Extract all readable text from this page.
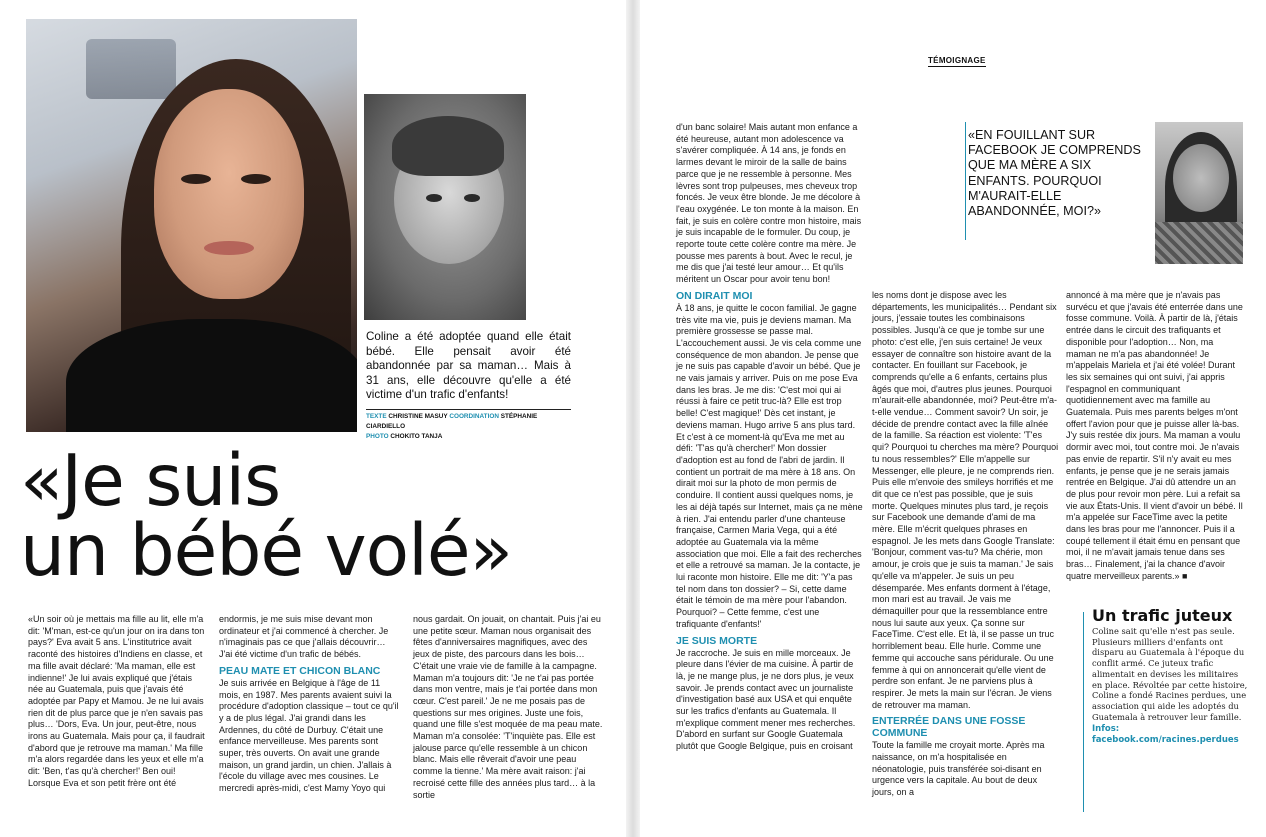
Coline a été adoptée quand elle était bébé. Elle pensait avoir été abandonnée par sa maman… Mais à 31 ans, elle découvre qu'elle a été victime d'un trafic d'enfants!
TEXTE CHRISTINE MASUY COORDINATION STÉPHANIE CIARDIELLO
PHOTO CHOKITO TANJA
«Je suis
un bébé volé»

«Un soir où je mettais ma fille au lit, elle m'a dit: 'M'man, est-ce qu'un jour on ira dans ton pays?' Eva avait 5 ans. L'institutrice avait raconté des histoires d'Indiens en classe, et ma fille avait déclaré: 'Ma maman, elle est indienne!' Je lui avais expliqué que j'étais née au Guatemala, puis que j'avais été adoptée par Papy et Mamou. Je ne lui avais rien dit de plus parce que je n'en savais pas plus… 'Dors, Eva. Un jour, peut-être, nous irons au Guatemala. Mais pour ça, il faudrait d'abord que je retrouve ma maman.' Ma fille m'a alors regardée dans les yeux et elle m'a dit: 'Ben, t'as qu'à chercher!' Ben oui! Lorsque Eva et son petit frère ont été

endormis, je me suis mise devant mon ordinateur et j'ai commencé à chercher. Je n'imaginais pas ce que j'allais découvrir… J'ai été victime d'un trafic de bébés.

PEAU MATE ET CHICON BLANC

Je suis arrivée en Belgique à l'âge de 11 mois, en 1987. Mes parents avaient suivi la procédure d'adoption classique – tout ce qu'il y a de plus légal. J'ai grandi dans les Ardennes, du côté de Durbuy. C'était une enfance merveilleuse. Mes parents sont super, très ouverts. On avait une grande maison, un grand jardin, un chien. J'allais à l'école du village avec mes cousines. Le mercredi après-midi, c'est Mamy Yoyo qui

nous gardait. On jouait, on chantait. Puis j'ai eu une petite sœur. Maman nous organisait des fêtes d'anniversaires magnifiques, avec des jeux de piste, des parcours dans les bois… C'était une vraie vie de famille à la campagne. Maman m'a toujours dit: 'Je ne t'ai pas portée dans mon ventre, mais je t'ai portée dans mon cœur. C'est pareil.' Je ne me posais pas de questions sur mes origines. Juste une fois, quand une fille s'est moquée de ma peau mate. Maman m'a consolée: 'T'inquiète pas. Elle est jalouse parce qu'elle ressemble à un chicon blanc. Mais elle rêverait d'avoir une peau comme la tienne.' Ma mère avait raison: j'ai recroisé cette fille des années plus tard… à la sortie

TÉMOIGNAGE
«EN FOUILLANT SUR FACEBOOK JE COMPRENDS QUE MA MÈRE A SIX ENFANTS. POURQUOI M'AURAIT-ELLE ABANDONNÉE, MOI?»

d'un banc solaire! Mais autant mon enfance a été heureuse, autant mon adolescence va s'avérer compliquée. À 14 ans, je fonds en larmes devant le miroir de la salle de bains parce que je ne ressemble à personne. Mes lèvres sont trop pulpeuses, mes cheveux trop foncés. Je veux être blonde. Je me décolore à l'eau oxygénée. Le ton monte à la maison. En fait, je suis en colère contre mon histoire, mais je suis incapable de le formuler. Du coup, je reporte toute cette colère contre ma mère. Je pousse mes parents à bout. Avec le recul, je me dis que j'ai testé leur amour… Et qu'ils méritent un Oscar pour avoir tenu bon!

ON DIRAIT MOI

À 18 ans, je quitte le cocon familial. Je gagne très vite ma vie, puis je deviens maman. Ma première grossesse se passe mal. L'accouchement aussi. Je vis cela comme une conséquence de mon abandon. Je pense que je ne suis pas capable d'avoir un bébé. Que je ne vais jamais y arriver. Puis on me pose Eva dans les bras. Je me dis: 'C'est moi qui ai réussi à faire ce petit truc-là? Elle est trop belle! C'est magique!' Dès cet instant, je deviens maman. Hugo arrive 5 ans plus tard. Et c'est à ce moment-là qu'Eva me met au défi: 'T'as qu'à chercher!' Mon dossier d'adoption est au fond de l'abri de jardin. Il contient un portrait de ma mère à 18 ans. On dirait moi sur la photo de mon permis de conduire. Il contient aussi quelques noms, je les ai déjà tapés sur Internet, mais ça ne mène à rien. J'ai entendu parler d'une chanteuse française, Carmen Maria Vega, qui a été adoptée au Guatemala via la même association que moi. Elle a fait des recherches et elle a retrouvé sa maman. Je la contacte, je lui raconte mon histoire. Elle me dit: 'Y'a pas tel nom dans ton dossier? – Si, cette dame était le témoin de ma mère pour l'abandon. Pourquoi? – Cette femme, c'est une trafiquante d'enfants!'

JE SUIS MORTE

Je raccroche. Je suis en mille morceaux. Je pleure dans l'évier de ma cuisine. À partir de là, je ne mange plus, je ne dors plus, je veux savoir. Je prends contact avec un journaliste d'investigation basé aux USA et qui enquête sur les trafics d'enfants au Guatemala. Il m'explique comment mener mes recherches. D'abord en surfant sur Google Guatemala plutôt que Google Belgique, puis en croisant

les noms dont je dispose avec les départements, les municipalités… Pendant six jours, j'essaie toutes les combinaisons possibles. Jusqu'à ce que je tombe sur une photo: c'est elle, j'en suis certaine! Je veux essayer de connaître son histoire avant de la contacter. En fouillant sur Facebook, je comprends qu'elle a 6 enfants, certains plus âgés que moi, d'autres plus jeunes. Pourquoi m'aurait-elle abandonnée, moi? Peut-être m'a-t-elle vendue… Comment savoir? Un soir, je décide de prendre contact avec la fille aînée de la famille. Sa réaction est violente: 'T'es qui? Pourquoi tu cherches ma mère? Pourquoi tu nous ressembles?' Elle m'appelle sur Messenger, elle pleure, je ne comprends rien. Puis elle m'envoie des smileys horrifiés et me dit que ce n'est pas possible, que je suis morte. Quelques minutes plus tard, je reçois sur Facebook une demande d'ami de ma mère. Elle m'écrit quelques phrases en espagnol. Je les mets dans Google Translate: 'Bonjour, comment vas-tu? Ma chérie, mon amour, je crois que je suis ta maman.' Je sais qu'elle va m'appeler. Je suis un peu désemparée. Mes enfants dorment à l'étage, mon mari est au travail. Je vais me démaquiller pour que la ressemblance entre nous lui saute aux yeux. Ça sonne sur FaceTime. C'est elle. Et là, il se passe un truc horriblement beau. Elle hurle. Comme une femme qui accouche sans péridurale. Ou une femme à qui on annoncerait qu'elle vient de perdre son enfant. Je ne parviens plus à respirer. Je mets la main sur l'écran. Je viens de retrouver ma maman.

ENTERRÉE DANS UNE FOSSE COMMUNE

Toute la famille me croyait morte. Après ma naissance, on m'a hospitalisée en néonatologie, puis transférée soi-disant en urgence vers la capitale. Au bout de deux jours, on a

annoncé à ma mère que je n'avais pas survécu et que j'avais été enterrée dans une fosse commune. Voilà. À partir de là, j'étais entrée dans le circuit des trafiquants et disponible pour l'adoption… Non, ma maman ne m'a pas abandonnée! Je m'appelais Mariela et j'ai été volée! Durant les six semaines qui ont suivi, j'ai appris l'espagnol en communiquant quotidiennement avec ma famille au Guatemala. Puis mes parents belges m'ont offert l'avion pour que je puisse aller là-bas. J'y suis restée dix jours. Ma maman a voulu dormir avec moi, tout contre moi. Je n'avais pas envie de repartir. S'il n'y avait eu mes enfants, je pense que je ne serais jamais rentrée en Belgique. J'ai dû attendre un an de plus pour revoir mon père. Lui a refait sa vie aux États-Unis. Il vient d'avoir un bébé. Il m'a appelée sur FaceTime avec la petite dans les bras pour me l'annoncer. Puis il a coupé tellement il était ému en pensant que moi, il ne m'avait jamais tenue dans ses bras… Finalement, j'ai la chance d'avoir quatre merveilleux parents.» ■

Un trafic juteux
Coline sait qu'elle n'est pas seule. Plusieurs milliers d'enfants ont disparu au Guatemala à l'époque du conflit armé. Ce juteux trafic alimentait en devises les militaires en place. Révoltée par cette histoire, Coline a fondé Racines perdues, une association qui aide les adoptés du Guatemala à retrouver leur famille.
Infos: facebook.com/racines.perdues
